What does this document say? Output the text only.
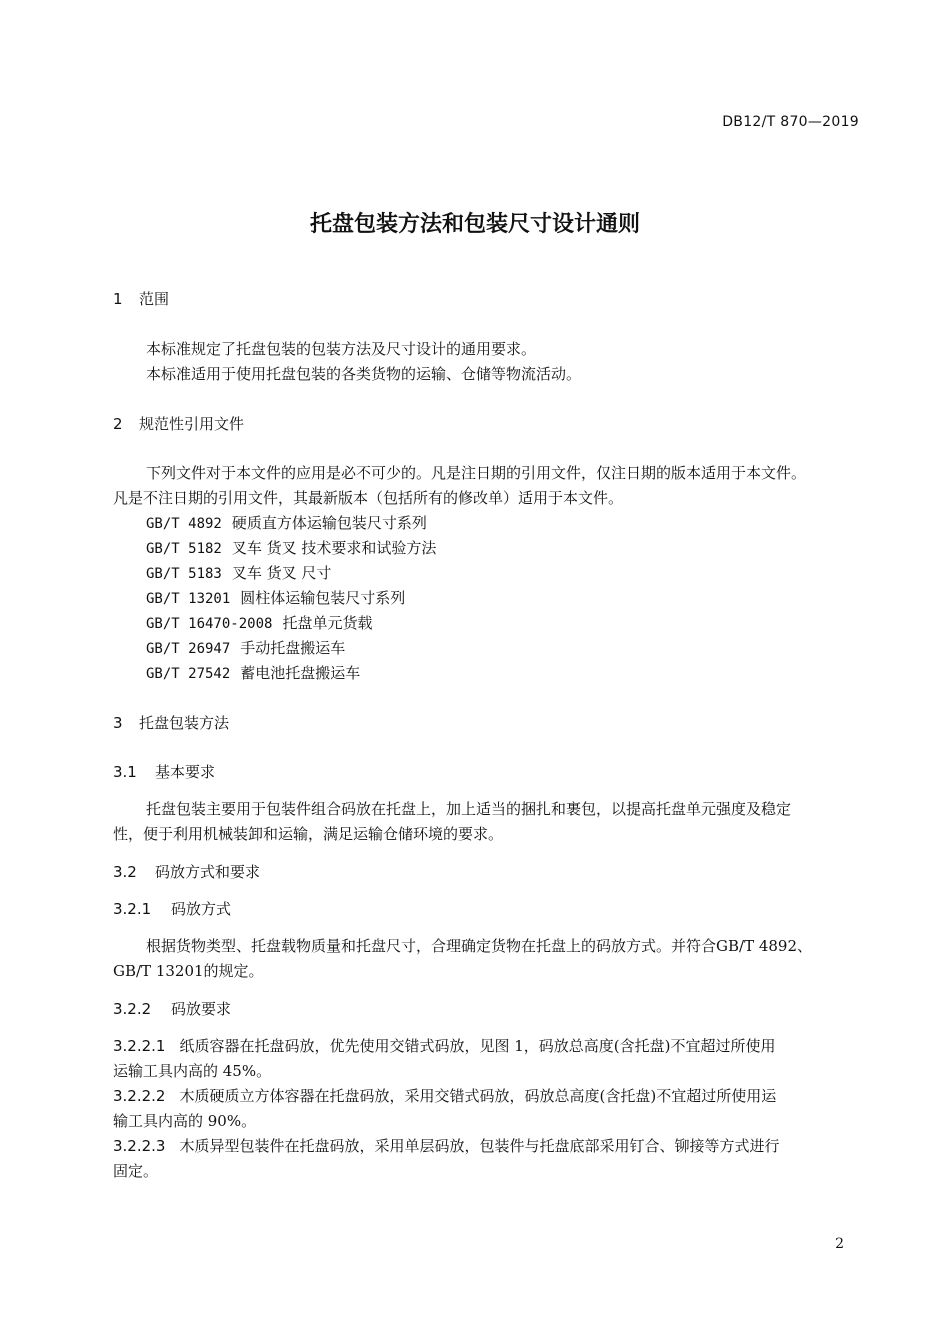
DB12/T 870—2019
托盘包装方法和包装尺寸设计通则
1 范围
本标准规定了托盘包装的包装方法及尺寸设计的通用要求。
本标准适用于使用托盘包装的各类货物的运输、仓储等物流活动。
2 规范性引用文件
下列文件对于本文件的应用是必不可少的。凡是注日期的引用文件，仅注日期的版本适用于本文件。
凡是不注日期的引用文件，其最新版本（包括所有的修改单）适用于本文件。
GB/T 4892 硬质直方体运输包装尺寸系列
GB/T 5182 叉车 货叉 技术要求和试验方法
GB/T 5183 叉车 货叉 尺寸
GB/T 13201 圆柱体运输包装尺寸系列
GB/T 16470-2008 托盘单元货载
GB/T 26947 手动托盘搬运车
GB/T 27542 蓄电池托盘搬运车
3 托盘包装方法
3.1 基本要求
托盘包装主要用于包装件组合码放在托盘上，加上适当的捆扎和裹包，以提高托盘单元强度及稳定
性，便于利用机械装卸和运输，满足运输仓储环境的要求。
3.2 码放方式和要求
3.2.1 码放方式
根据货物类型、托盘载物质量和托盘尺寸，合理确定货物在托盘上的码放方式。并符合GB/T 4892、
GB/T 13201的规定。
3.2.2 码放要求
3.2.2.1 纸质容器在托盘码放，优先使用交错式码放，见图 1，码放总高度(含托盘)不宜超过所使用
运输工具内高的 45%。
3.2.2.2 木质硬质立方体容器在托盘码放，采用交错式码放，码放总高度(含托盘)不宜超过所使用运
输工具内高的 90%。
3.2.2.3 木质异型包装件在托盘码放，采用单层码放，包装件与托盘底部采用钉合、铆接等方式进行
固定。
2
